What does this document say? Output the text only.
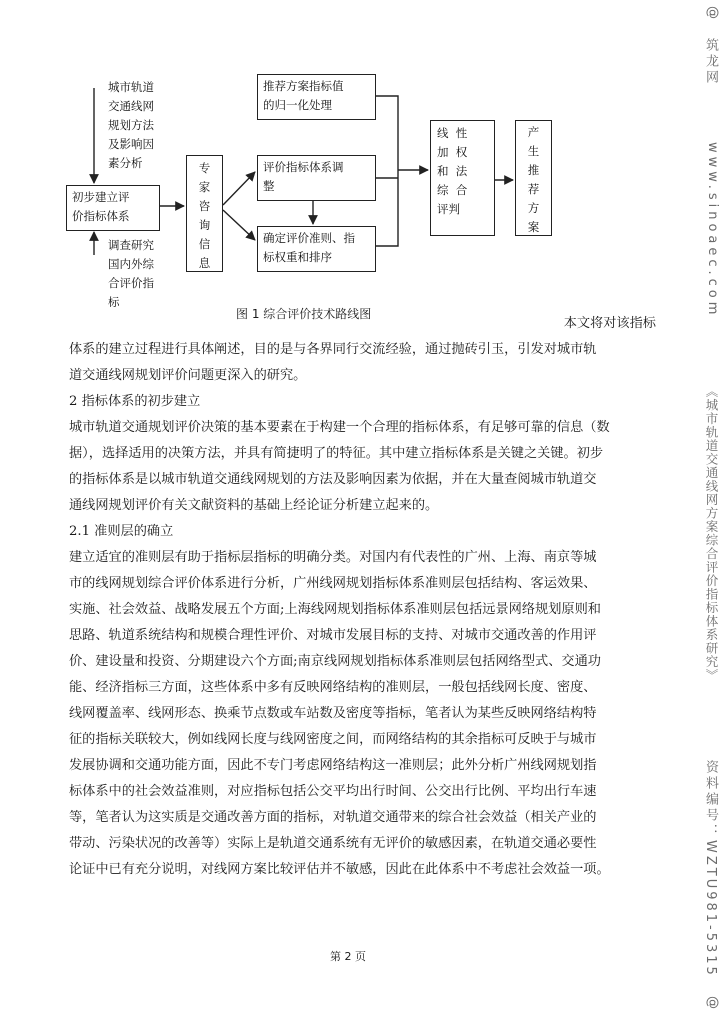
@
筑龙网
www.sinoaec.com
《城市轨道交通线网方案综合评价指标体系研究》
资料编号：WZTU981-5315
@
城市轨道
交通线网
规划方法
及影响因
素分析
初步建立评
价指标体系
调查研究
国内外综
合评价指
标
专
家
咨
询
信
息
推荐方案指标值
的归一化处理
评价指标体系调
整
确定评价准则、指
标权重和排序
线  性
加  权
和  法
综  合
评判
产
生
推
荐
方
案
图 1 综合评价技术路线图
本文将对该指标
体系的建立过程进行具体阐述，目的是与各界同行交流经验，通过抛砖引玉，引发对城市轨
道交通线网规划评价问题更深入的研究。
2 指标体系的初步建立
城市轨道交通规划评价决策的基本要素在于构建一个合理的指标体系，有足够可靠的信息（数
据），选择适用的决策方法，并具有简捷明了的特征。其中建立指标体系是关键之关键。初步
的指标体系是以城市轨道交通线网规划的方法及影响因素为依据，并在大量查阅城市轨道交
通线网规划评价有关文献资料的基础上经论证分析建立起来的。
2.1 准则层的确立
建立适宜的准则层有助于指标层指标的明确分类。对国内有代表性的广州、上海、南京等城
市的线网规划综合评价体系进行分析，广州线网规划指标体系准则层包括结构、客运效果、
实施、社会效益、战略发展五个方面;上海线网规划指标体系准则层包括远景网络规划原则和
思路、轨道系统结构和规模合理性评价、对城市发展目标的支持、对城市交通改善的作用评
价、建设量和投资、分期建设六个方面;南京线网规划指标体系准则层包括网络型式、交通功
能、经济指标三方面，这些体系中多有反映网络结构的准则层，一般包括线网长度、密度、
线网覆盖率、线网形态、换乘节点数或车站数及密度等指标，笔者认为某些反映网络结构特
征的指标关联较大，例如线网长度与线网密度之间，而网络结构的其余指标可反映于与城市
发展协调和交通功能方面，因此不专门考虑网络结构这一准则层；此外分析广州线网规划指
标体系中的社会效益准则，对应指标包括公交平均出行时间、公交出行比例、平均出行车速
等，笔者认为这实质是交通改善方面的指标，对轨道交通带来的综合社会效益（相关产业的
带动、污染状况的改善等）实际上是轨道交通系统有无评价的敏感因素，在轨道交通必要性
论证中已有充分说明，对线网方案比较评估并不敏感，因此在此体系中不考虑社会效益一项。
第 2 页
